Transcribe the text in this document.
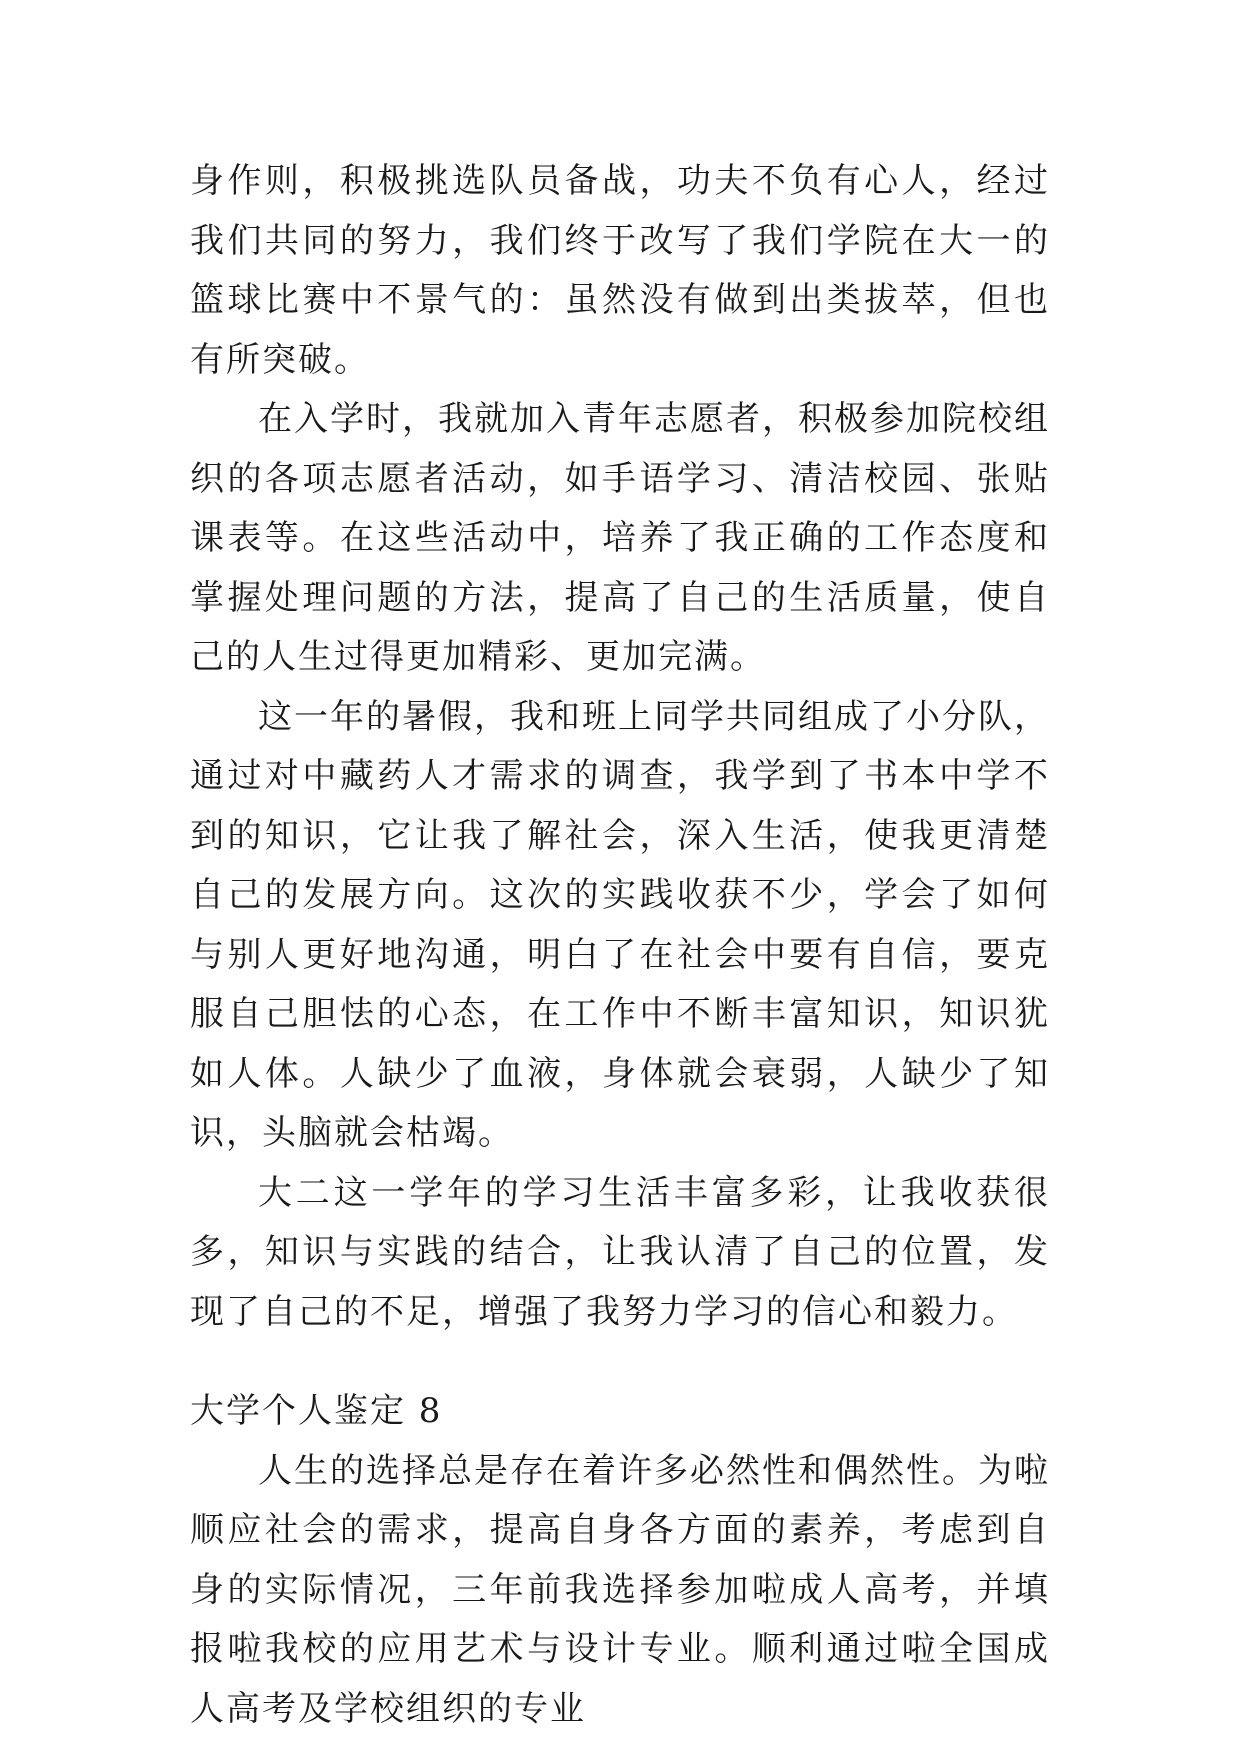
身作则，积极挑选队员备战，功夫不负有心人，经过我们共同的努力，我们终于改写了我们学院在大一的篮球比赛中不景气的：虽然没有做到出类拔萃，但也有所突破。

在入学时，我就加入青年志愿者，积极参加院校组织的各项志愿者活动，如手语学习、清洁校园、张贴课表等。在这些活动中，培养了我正确的工作态度和掌握处理问题的方法，提高了自己的生活质量，使自己的人生过得更加精彩、更加完满。

这一年的暑假，我和班上同学共同组成了小分队，通过对中藏药人才需求的调查，我学到了书本中学不到的知识，它让我了解社会，深入生活，使我更清楚自己的发展方向。这次的实践收获不少，学会了如何与别人更好地沟通，明白了在社会中要有自信，要克服自己胆怯的心态，在工作中不断丰富知识，知识犹如人体。人缺少了血液，身体就会衰弱，人缺少了知识，头脑就会枯竭。

大二这一学年的学习生活丰富多彩，让我收获很多，知识与实践的结合，让我认清了自己的位置，发现了自己的不足，增强了我努力学习的信心和毅力。

大学个人鉴定 8

人生的选择总是存在着许多必然性和偶然性。为啦顺应社会的需求，提高自身各方面的素养，考虑到自身的实际情况，三年前我选择参加啦成人高考，并填报啦我校的应用艺术与设计专业。顺利通过啦全国成人高考及学校组织的专业
